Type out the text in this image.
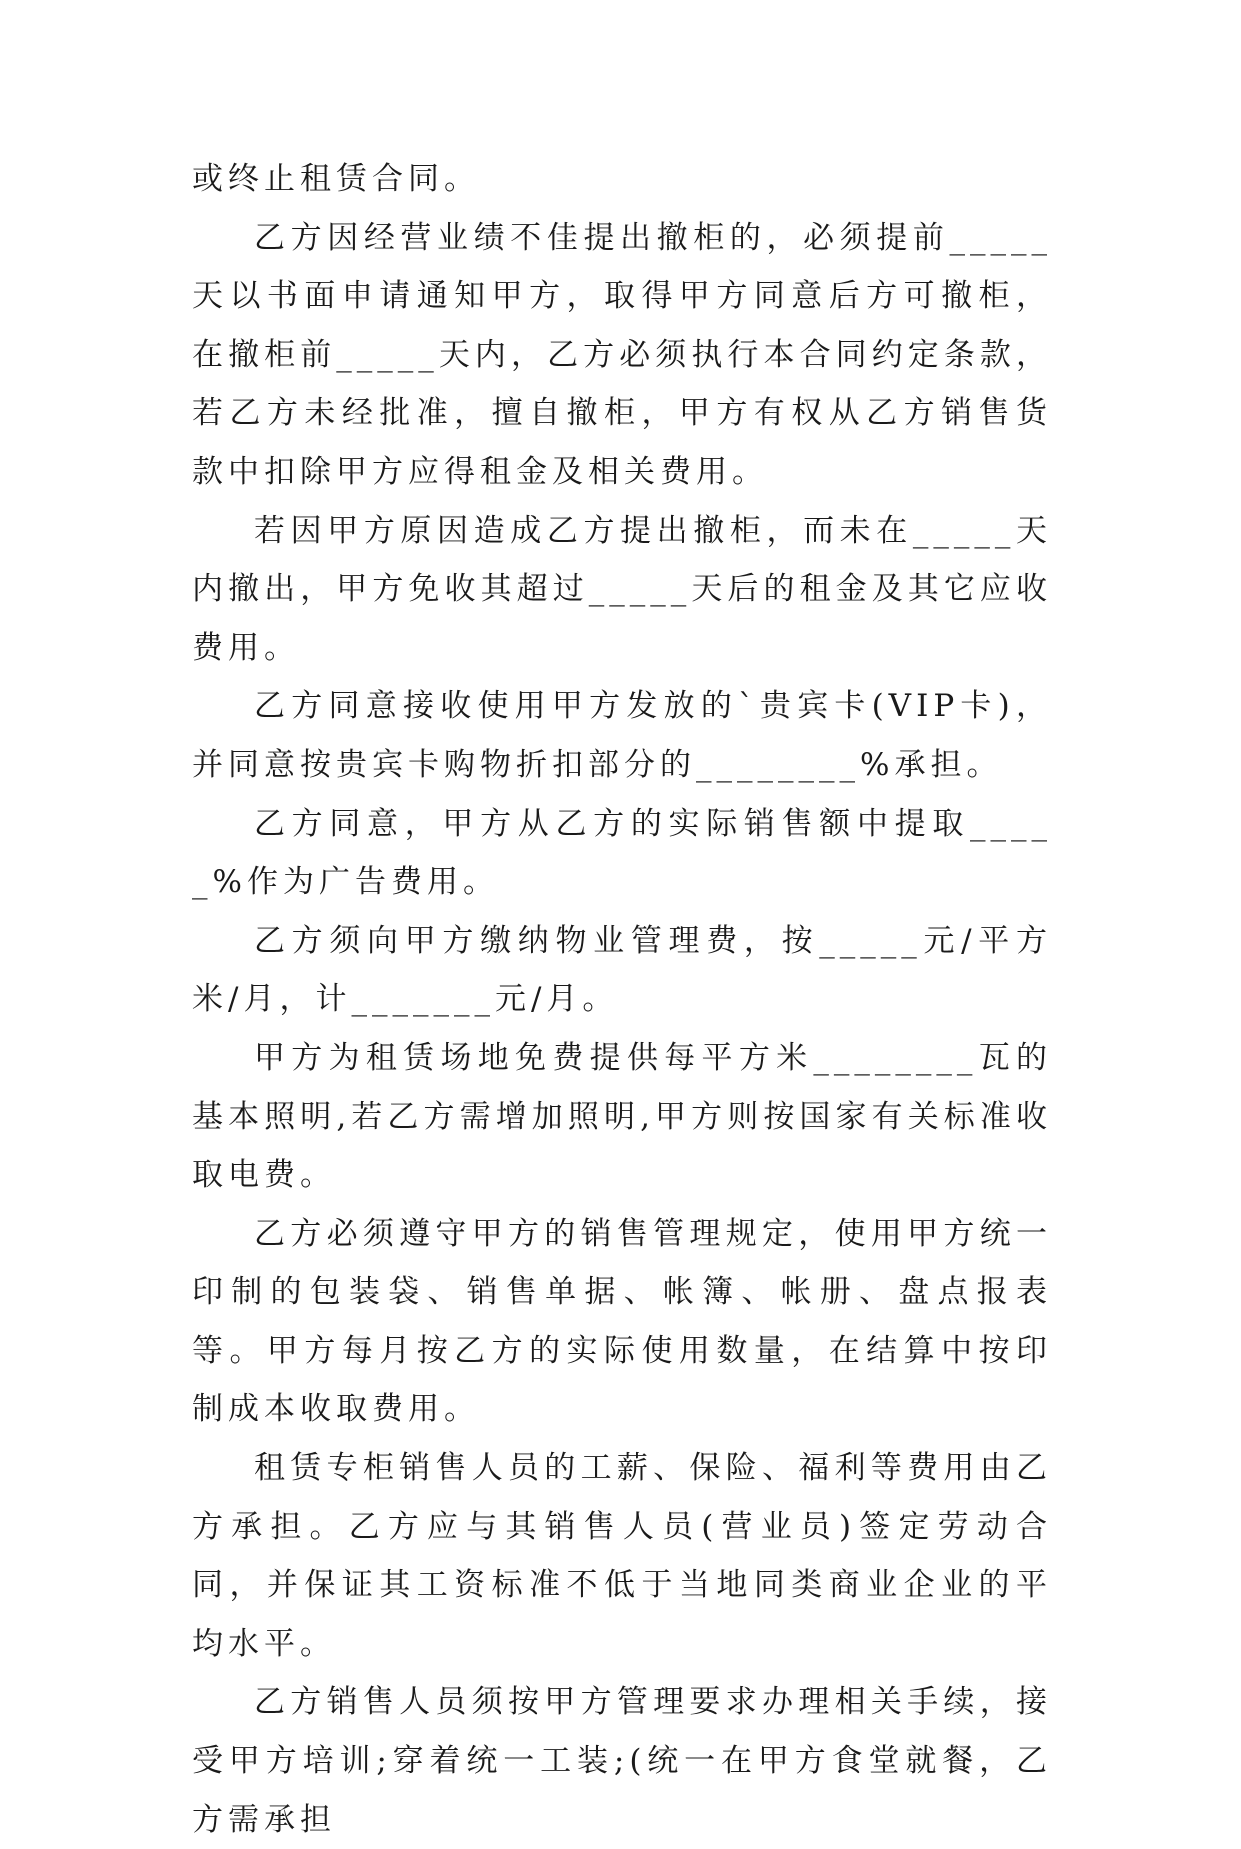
或终止租赁合同。

乙方因经营业绩不佳提出撤柜的，必须提前_____天以书面申请通知甲方，取得甲方同意后方可撤柜，在撤柜前_____天内，乙方必须执行本合同约定条款，若乙方未经批准，擅自撤柜，甲方有权从乙方销售货款中扣除甲方应得租金及相关费用。

若因甲方原因造成乙方提出撤柜，而未在_____天内撤出，甲方免收其超过_____天后的租金及其它应收费用。

乙方同意接收使用甲方发放的`贵宾卡(VIP卡)，并同意按贵宾卡购物折扣部分的________%承担。

乙方同意，甲方从乙方的实际销售额中提取_____%作为广告费用。

乙方须向甲方缴纳物业管理费，按_____元/平方米/月，计_______元/月。

甲方为租赁场地免费提供每平方米________瓦的基本照明,若乙方需增加照明,甲方则按国家有关标准收取电费。

乙方必须遵守甲方的销售管理规定，使用甲方统一印制的包装袋、销售单据、帐簿、帐册、盘点报表等。甲方每月按乙方的实际使用数量，在结算中按印制成本收取费用。

租赁专柜销售人员的工薪、保险、福利等费用由乙方承担。乙方应与其销售人员(营业员)签定劳动合同，并保证其工资标准不低于当地同类商业企业的平均水平。

乙方销售人员须按甲方管理要求办理相关手续，接受甲方培训;穿着统一工装;(统一在甲方食堂就餐，乙方需承担
